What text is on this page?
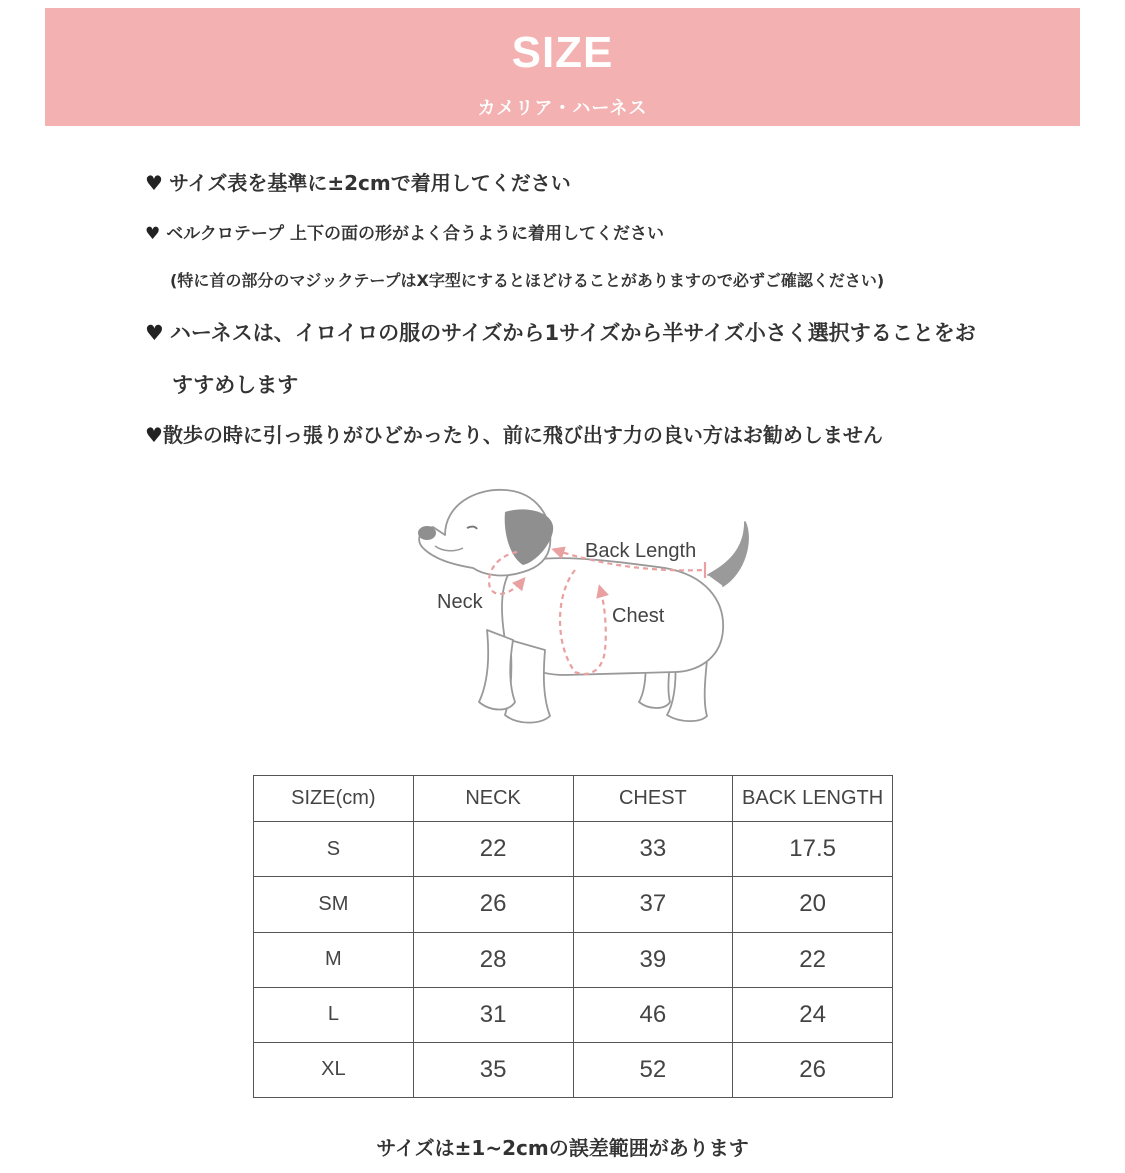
SIZE
カメリア・ハーネス
♥ サイズ表を基準に±2cmで着用してください
♥ ベルクロテープ 上下の面の形がよく合うように着用してください
(特に首の部分のマジックテープはX字型にするとほどけることがありますので必ずご確認ください)
♥ ハーネスは、イロイロの服のサイズから1サイズから半サイズ小さく選択することをお
すすめします
♥散歩の時に引っ張りがひどかったり、前に飛び出す力の良い方はお勧めしません
Back Length
Neck
Chest
SIZE(cm)	NECK	CHEST	BACK LENGTH
S	22	33	17.5
SM	26	37	20
M	28	39	22
L	31	46	24
XL	35	52	26
サイズは±1~2cmの誤差範囲があります
